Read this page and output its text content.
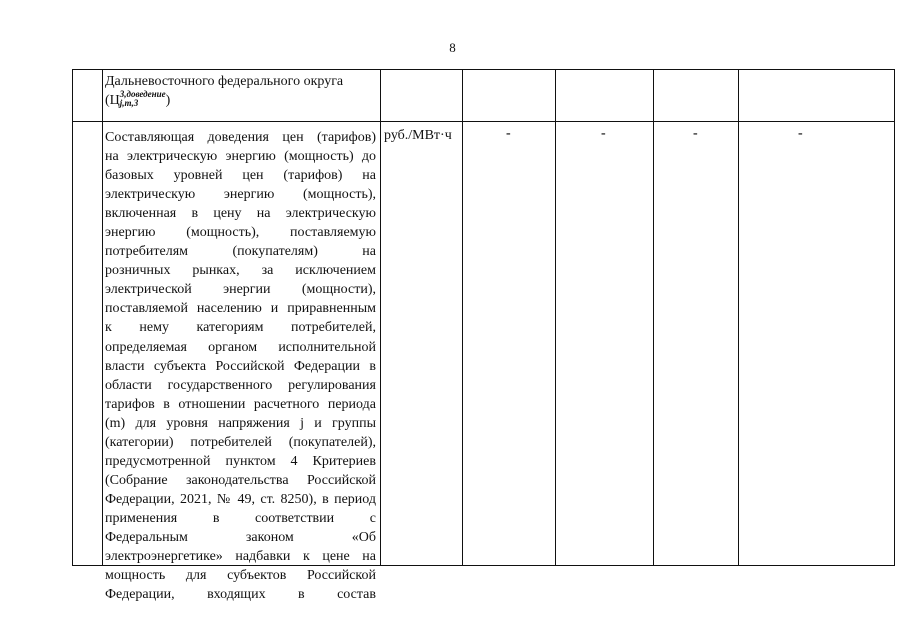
8
Дальневосточного федерального округа
(Ц 3,доведение
j,m,3	)
Составляющая доведения цен (тарифов)
на электрическую энергию (мощность) до
базовых уровней цен (тарифов) на
электрическую энергию (мощность),
включенная в цену на электрическую
энергию (мощность), поставляемую
потребителям (покупателям) на
розничных рынках, за исключением
электрической энергии (мощности),
поставляемой населению и приравненным
к нему категориям потребителей,
определяемая органом исполнительной
власти субъекта Российской Федерации в
области государственного регулирования
тарифов в отношении расчетного периода
(m) для уровня напряжения j и группы
(категории) потребителей (покупателей),
предусмотренной пунктом 4 Критериев
(Собрание законодательства Российской
Федерации, 2021, № 49, ст. 8250), в период
применения в соответствии с
Федеральным законом «Об
электроэнергетике» надбавки к цене на
мощность для субъектов Российской
Федерации, входящих в состав
руб./МВт·ч	-	-	-	-
